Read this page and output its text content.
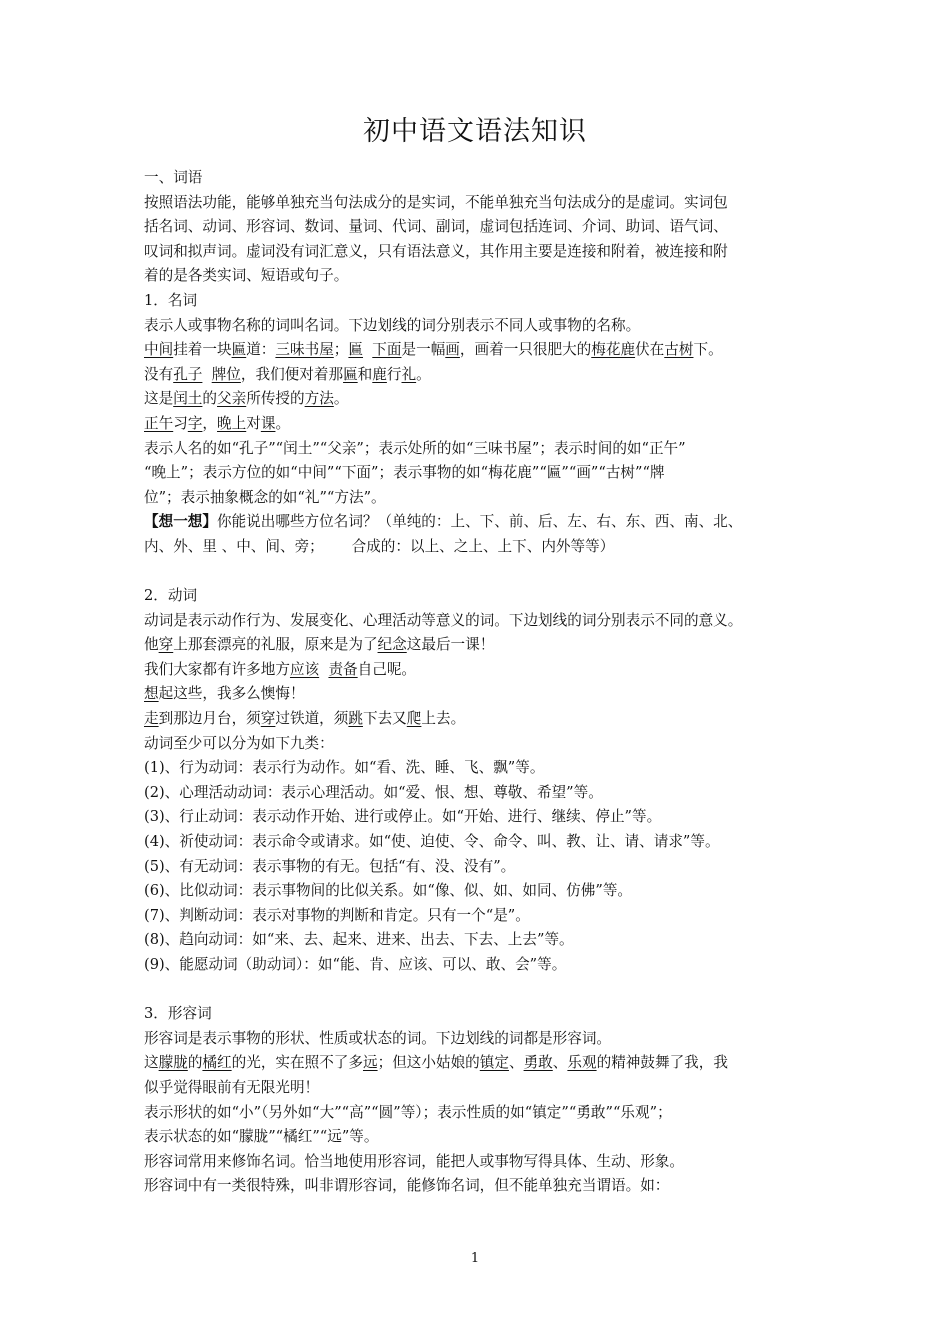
初中语文语法知识
一、词语
按照语法功能，能够单独充当句法成分的是实词，不能单独充当句法成分的是虚词。实词包
括名词、动词、形容词、数词、量词、代词、副词，虚词包括连词、介词、助词、语气词、
叹词和拟声词。虚词没有词汇意义，只有语法意义，其作用主要是连接和附着，被连接和附
着的是各类实词、短语或句子。
1．名词
表示人或事物名称的词叫名词。下边划线的词分别表示不同人或事物的名称。
中间挂着一块匾道：三味书屋；匾 下面是一幅画，画着一只很肥大的梅花鹿伏在古树下。
没有孔子 牌位，我们便对着那匾和鹿行礼。
这是闰土的父亲所传授的方法。
正午习字，晚上对课。
表示人名的如“孔子”“闰土”“父亲”；表示处所的如“三味书屋”；表示时间的如“正午”
“晚上”；表示方位的如“中间”“下面”；表示事物的如“梅花鹿”“匾”“画”“古树”“牌
位”；表示抽象概念的如“礼”“方法”。
【想一想】你能说出哪些方位名词？（单纯的：上、下、前、后、左、右、东、西、南、北、
内、外、里 、中、间、旁；      合成的：以上、之上、上下、内外等等）
2．动词
动词是表示动作行为、发展变化、心理活动等意义的词。下边划线的词分别表示不同的意义。
他穿上那套漂亮的礼服，原来是为了纪念这最后一课！
我们大家都有许多地方应该 责备自己呢。
想起这些，我多么懊悔！
走到那边月台，须穿过铁道，须跳下去又爬上去。
动词至少可以分为如下九类：
(1)、行为动词：表示行为动作。如“看、洗、睡、飞、飘”等。
(2)、心理活动动词：表示心理活动。如“爱、恨、想、尊敬、希望”等。
(3)、行止动词：表示动作开始、进行或停止。如“开始、进行、继续、停止”等。
(4)、祈使动词：表示命令或请求。如“使、迫使、令、命令、叫、教、让、请、请求”等。
(5)、有无动词：表示事物的有无。包括“有、没、没有”。
(6)、比似动词：表示事物间的比似关系。如“像、似、如、如同、仿佛”等。
(7)、判断动词：表示对事物的判断和肯定。只有一个“是”。
(8)、趋向动词：如“来、去、起来、进来、出去、下去、上去”等。
(9)、能愿动词（助动词）：如“能、肯、应该、可以、敢、会”等。
3．形容词
形容词是表示事物的形状、性质或状态的词。下边划线的词都是形容词。
这朦胧的橘红的光，实在照不了多远；但这小姑娘的镇定、勇敢、乐观的精神鼓舞了我，我
似乎觉得眼前有无限光明！
表示形状的如“小”（另外如“大”“高”“圆”等）；表示性质的如“镇定”“勇敢”“乐观”；
表示状态的如“朦胧”“橘红”“远”等。
形容词常用来修饰名词。恰当地使用形容词，能把人或事物写得具体、生动、形象。
形容词中有一类很特殊，叫非谓形容词，能修饰名词，但不能单独充当谓语。如：
1
